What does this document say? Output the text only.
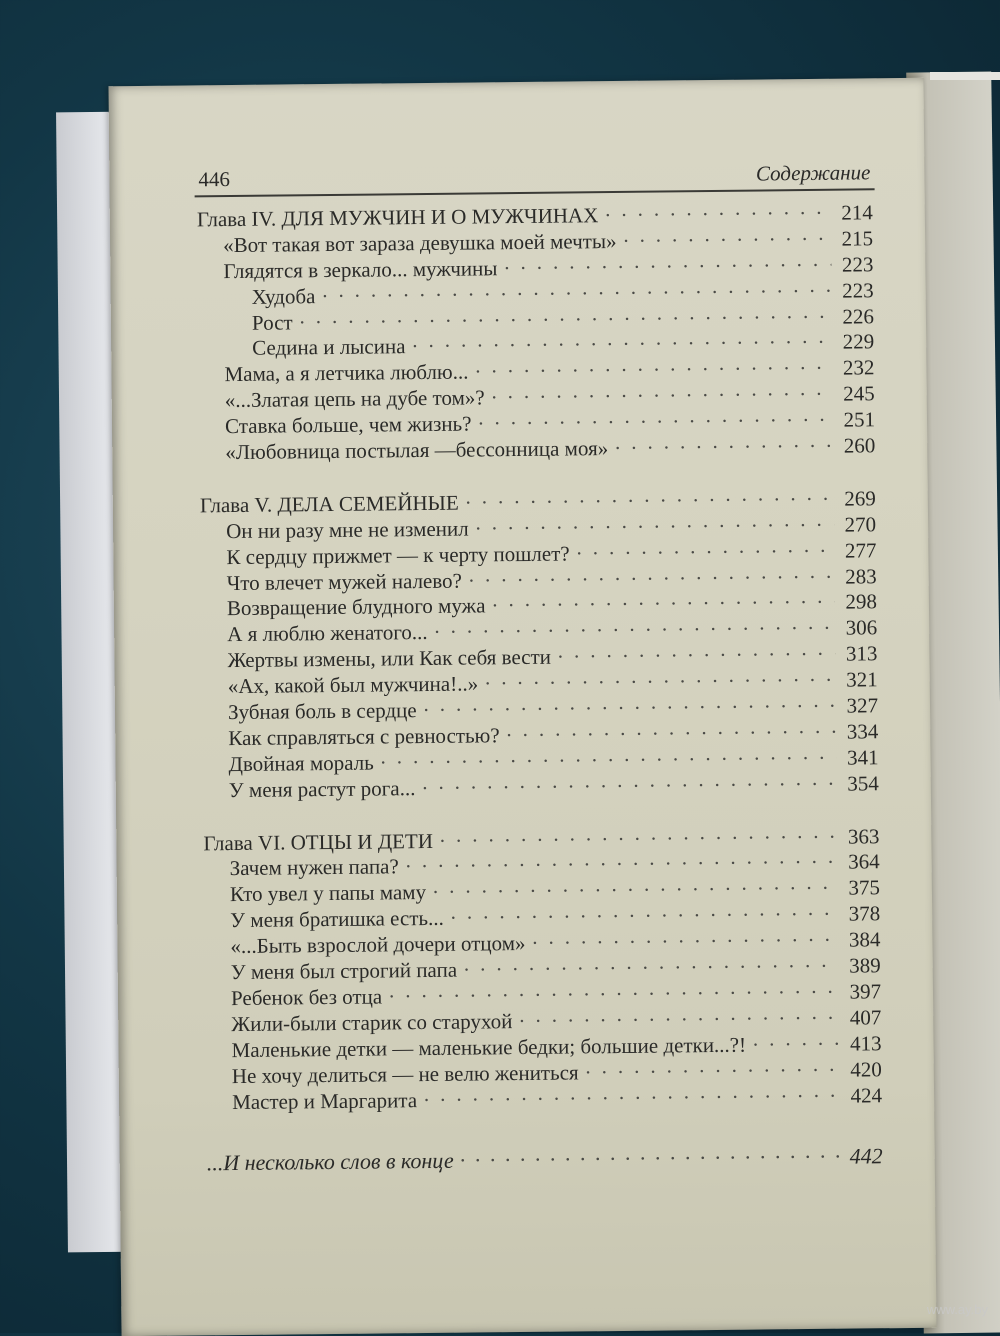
446	Содержание
Глава IV. ДЛЯ МУЖЧИН И О МУЖЧИНАХ · · ·	214
«Вот такая вот зараза девушка моей мечты» · · ·	215
Глядятся в зеркало... мужчины · · ·	223
Худоба · · ·	223
Рост · · ·	226
Седина и лысина · · ·	229
Мама, а я летчика люблю... · · ·	232
«...Златая цепь на дубе том»? · · ·	245
Ставка больше, чем жизнь? · · ·	251
«Любовница постылая —бессонница моя» · · ·	260
Глава V. ДЕЛА СЕМЕЙНЫЕ · · ·	269
Он ни разу мне не изменил · · ·	270
К сердцу прижмет — к черту пошлет? · · ·	277
Что влечет мужей налево? · · ·	283
Возвращение блудного мужа · · ·	298
А я люблю женатого... · · ·	306
Жертвы измены, или Как себя вести · · ·	313
«Ах, какой был мужчина!..» · · ·	321
Зубная боль в сердце · · ·	327
Как справляться с ревностью? · · ·	334
Двойная мораль · · ·	341
У меня растут рога... · · ·	354
Глава VI. ОТЦЫ И ДЕТИ · · ·	363
Зачем нужен папа? · · ·	364
Кто увел у папы маму · · ·	375
У меня братишка есть... · · ·	378
«...Быть взрослой дочери отцом» · · ·	384
У меня был строгий папа · · ·	389
Ребенок без отца · · ·	397
Жили-были старик со старухой · · ·	407
Маленькие детки — маленькие бедки; большие детки...?! · · ·	413
Не хочу делиться — не велю жениться · · ·	420
Мастер и Маргарита · · ·	424
...И несколько слов в конце · · ·	442
www.ay.by
